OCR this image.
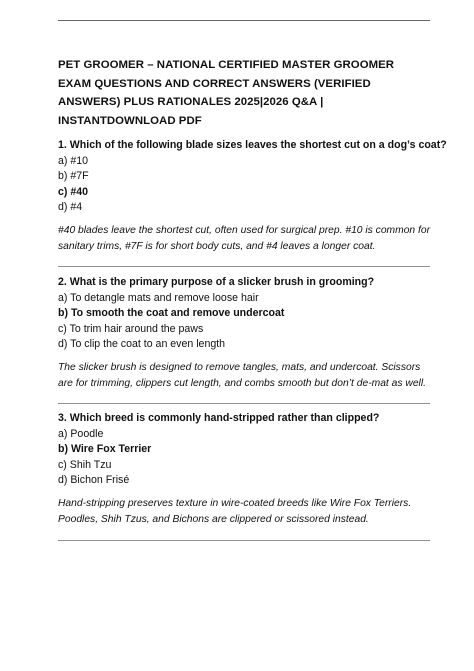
PET GROOMER – NATIONAL CERTIFIED MASTER GROOMER
EXAM QUESTIONS AND CORRECT ANSWERS (VERIFIED
ANSWERS) PLUS RATIONALES 2025|2026 Q&A |
INSTANTDOWNLOAD PDF
1. Which of the following blade sizes leaves the shortest cut on a dog’s coat?
a) #10
b) #7F
c) #40
d) #4
#40 blades leave the shortest cut, often used for surgical prep. #10 is common for sanitary trims, #7F is for short body cuts, and #4 leaves a longer coat.
2. What is the primary purpose of a slicker brush in grooming?
a) To detangle mats and remove loose hair
b) To smooth the coat and remove undercoat
c) To trim hair around the paws
d) To clip the coat to an even length
The slicker brush is designed to remove tangles, mats, and undercoat. Scissors are for trimming, clippers cut length, and combs smooth but don’t de-mat as well.
3. Which breed is commonly hand-stripped rather than clipped?
a) Poodle
b) Wire Fox Terrier
c) Shih Tzu
d) Bichon Frisé
Hand-stripping preserves texture in wire-coated breeds like Wire Fox Terriers. Poodles, Shih Tzus, and Bichons are clippered or scissored instead.
